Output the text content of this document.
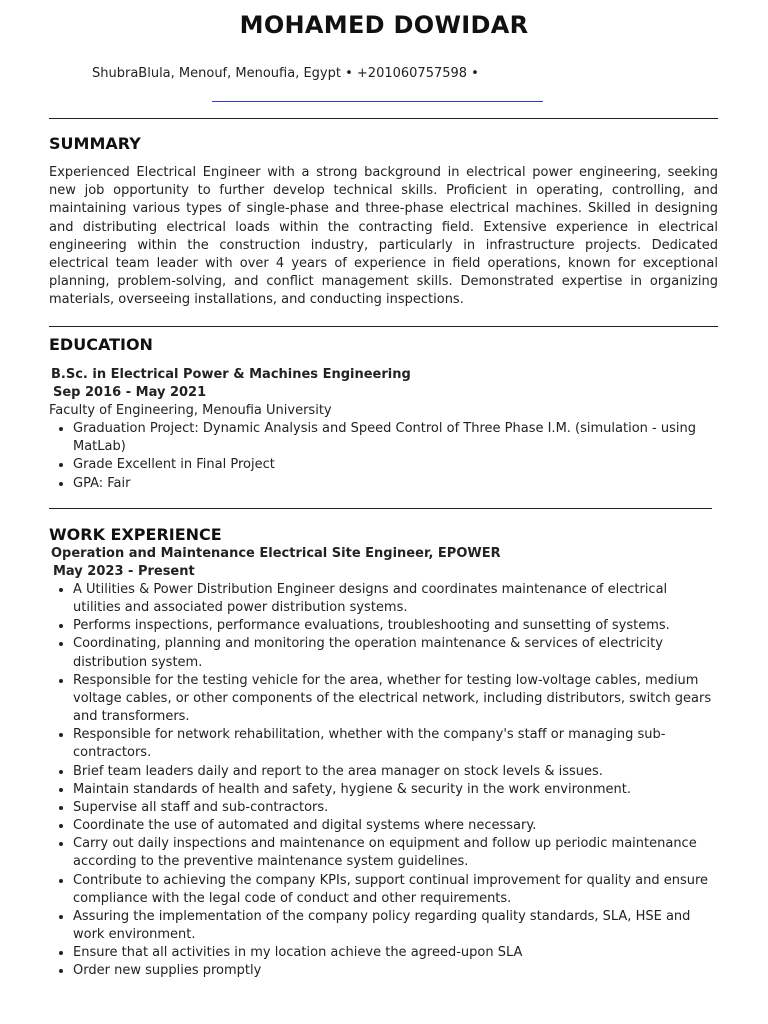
MOHAMED DOWIDAR
ShubraBlula, Menouf, Menoufia, Egypt • +201060757598 •
SUMMARY
Experienced Electrical Engineer with a strong background in electrical power engineering, seeking new job opportunity to further develop technical skills. Proficient in operating, controlling, and maintaining various types of single-phase and three-phase electrical machines. Skilled in designing and distributing electrical loads within the contracting field. Extensive experience in electrical engineering within the construction industry, particularly in infrastructure projects. Dedicated electrical team leader with over 4 years of experience in field operations, known for exceptional planning, problem-solving, and conflict management skills. Demonstrated expertise in organizing materials, overseeing installations, and conducting inspections.
EDUCATION
B.Sc. in Electrical Power & Machines Engineering
Sep 2016 - May 2021
Faculty of Engineering, Menoufia University
• Graduation Project: Dynamic Analysis and Speed Control of Three Phase I.M. (simulation - using MatLab)
• Grade Excellent in Final Project
• GPA: Fair
WORK EXPERIENCE
Operation and Maintenance Electrical Site Engineer, EPOWER
May 2023 - Present
• A Utilities & Power Distribution Engineer designs and coordinates maintenance of electrical utilities and associated power distribution systems.
• Performs inspections, performance evaluations, troubleshooting and sunsetting of systems.
• Coordinating, planning and monitoring the operation maintenance & services of electricity distribution system.
• Responsible for the testing vehicle for the area, whether for testing low-voltage cables, medium voltage cables, or other components of the electrical network, including distributors, switch gears and transformers.
• Responsible for network rehabilitation, whether with the company's staff or managing sub-contractors.
• Brief team leaders daily and report to the area manager on stock levels & issues.
• Maintain standards of health and safety, hygiene & security in the work environment.
• Supervise all staff and sub-contractors.
• Coordinate the use of automated and digital systems where necessary.
• Carry out daily inspections and maintenance on equipment and follow up periodic maintenance according to the preventive maintenance system guidelines.
• Contribute to achieving the company KPIs, support continual improvement for quality and ensure compliance with the legal code of conduct and other requirements.
• Assuring the implementation of the company policy regarding quality standards, SLA, HSE and work environment.
• Ensure that all activities in my location achieve the agreed-upon SLA
• Order new supplies promptly
